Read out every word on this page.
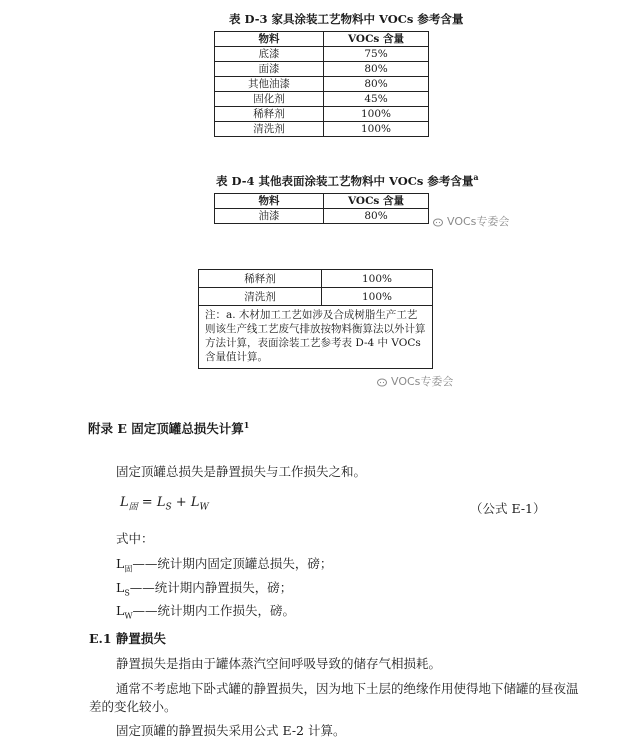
表 D-3 家具涂装工艺物料中 VOCs 参考含量
物料	VOCs 含量
底漆	75%
面漆	80%
其他油漆	80%
固化剂	45%
稀释剂	100%
清洗剂	100%
表 D-4 其他表面涂装工艺物料中 VOCs 参考含量$^a$
物料	VOCs 含量
油漆	80%	VOCs专委会
稀释剂	100%
清洗剂	100%
注：a. 木材加工工艺如涉及合成树脂生产工艺则该生产线工艺废气排放按物料衡算法以外计算方法计算，表面涂装工艺参考表 D-4 中 VOCs 含量值计算。	
VOCs专委会
附录 E 固定顶罐总损失计算$^1$
固定顶罐总损失是静置损失与工作损失之和。
$L_固 = L_S + L_W$	（公式 E-1）
式中：
$L_固——$统计期内固定顶罐总损失，磅；
$L_S——$统计期内静置损失，磅；
$L_W——$统计期内工作损失，磅。
E.1 静置损失
静置损失是指由于罐体蒸汽空间呼吸导致的储存气相损耗。
通常不考虑地下卧式罐的静置损失，因为地下土层的绝缘作用使得地下储罐的昼夜温
差的变化较小。
固定顶罐的静置损失采用公式 E-2 计算。
